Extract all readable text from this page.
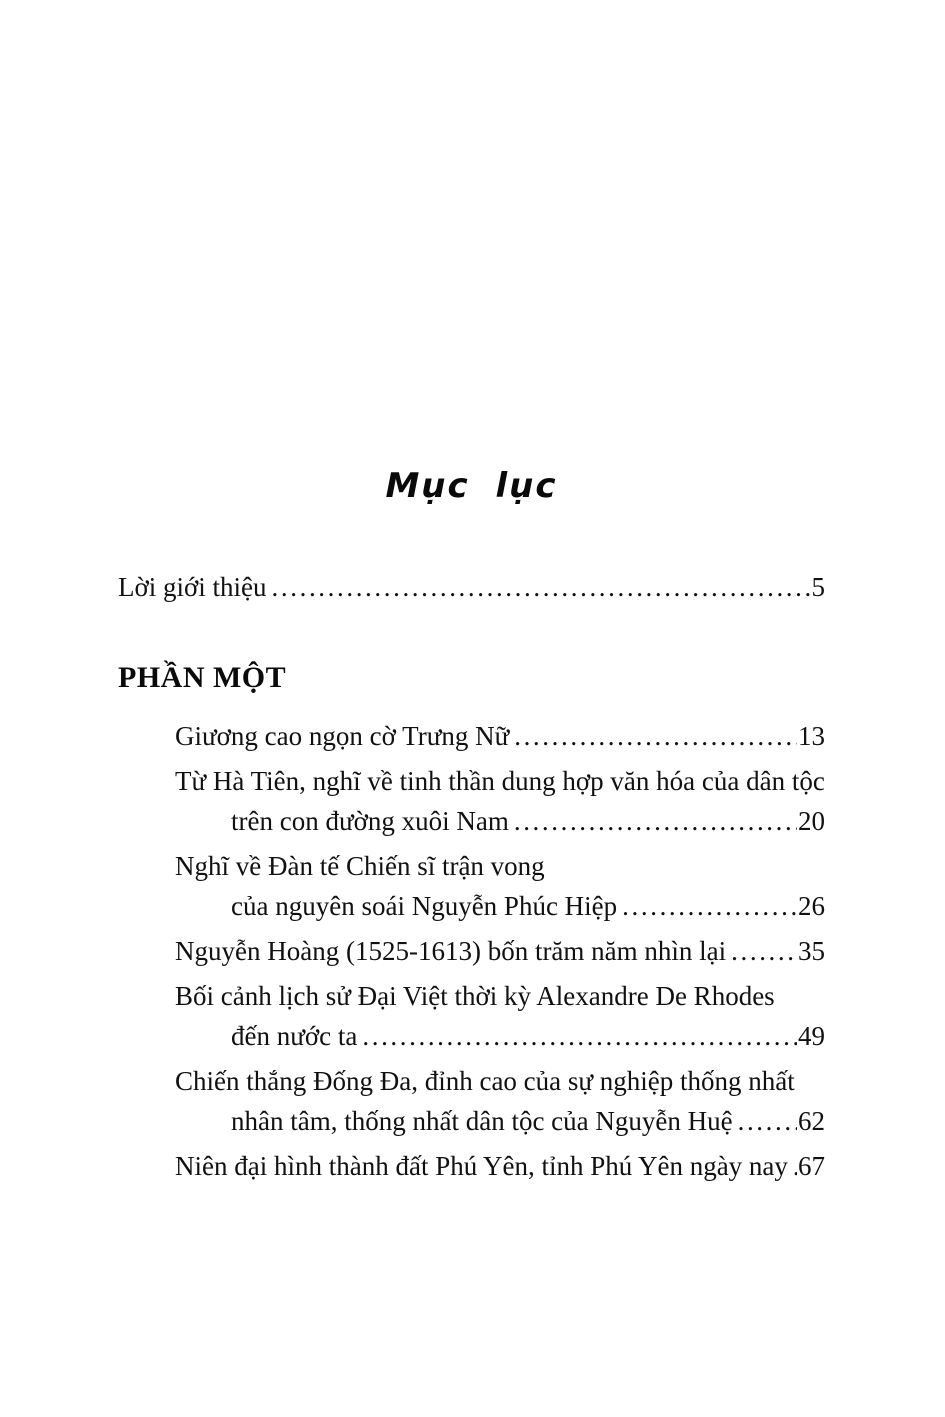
Mục lục
Lời giới thiệu .....	5
PHẦN MỘT
Giương cao ngọn cờ Trưng Nữ .....	13
Từ Hà Tiên, nghĩ về tinh thần dung hợp văn hóa của dân tộc
trên con đường xuôi Nam .....	20
Nghĩ về Đàn tế Chiến sĩ trận vong
của nguyên soái Nguyễn Phúc Hiệp .....	26
Nguyễn Hoàng (1525-1613) bốn trăm năm nhìn lại .....	35
Bối cảnh lịch sử Đại Việt thời kỳ Alexandre De Rhodes
đến nước ta .....	49
Chiến thắng Đống Đa, đỉnh cao của sự nghiệp thống nhất
nhân tâm, thống nhất dân tộc của Nguyễn Huệ ..... 62
Niên đại hình thành đất Phú Yên, tỉnh Phú Yên ngày nay ..... 67
